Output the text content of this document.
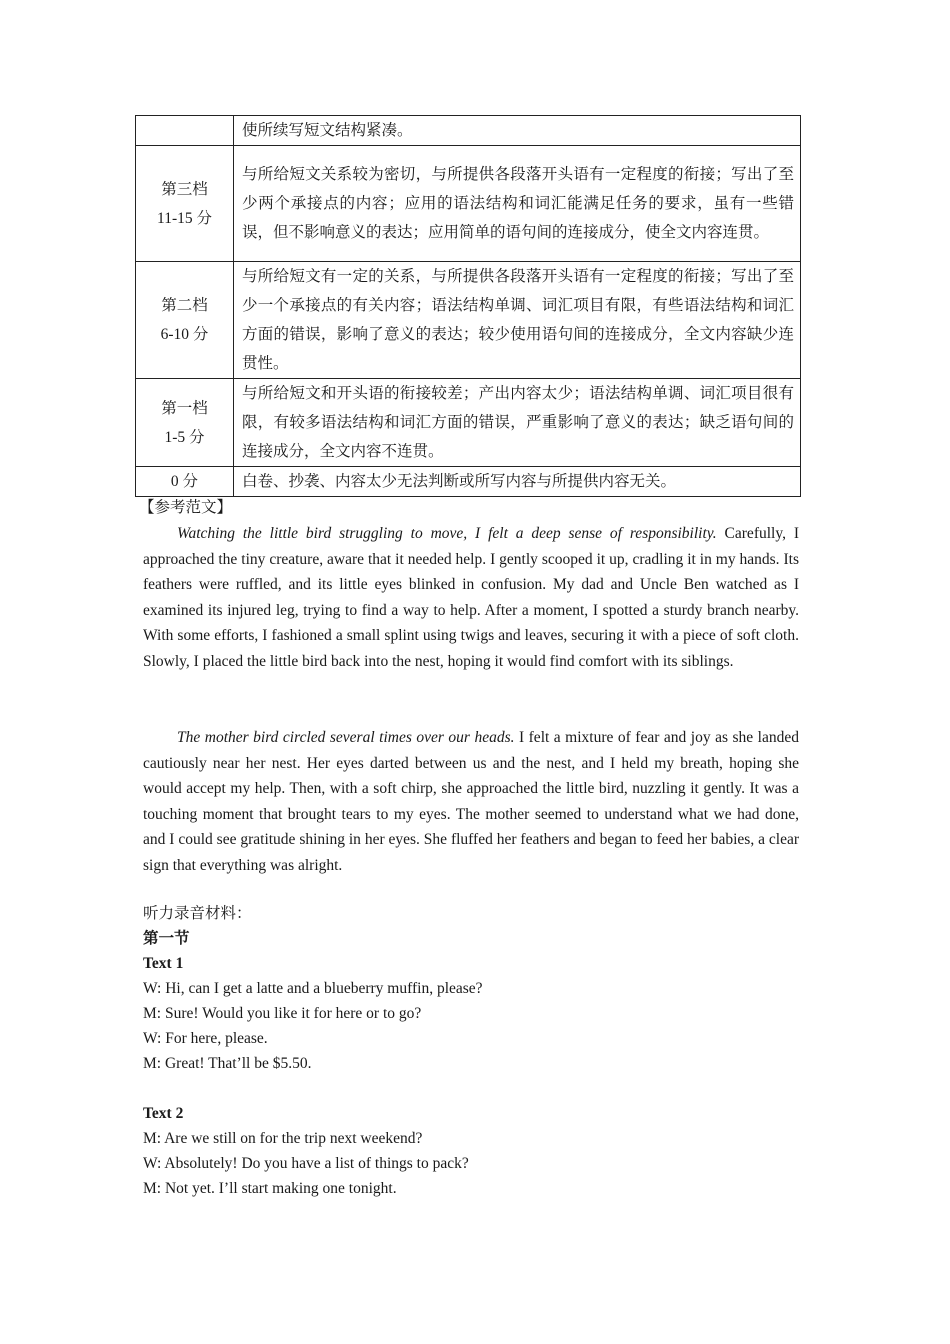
	使所续写短文结构紧凑。

第三档
11-15 分	与所给短文关系较为密切，与所提供各段落开头语有一定程度的衔接；写出了至少两个承接点的内容；应用的语法结构和词汇能满足任务的要求，虽有一些错误，但不影响意义的表达；应用简单的语句间的连接成分，使全文内容连贯。

第二档
6-10 分	与所给短文有一定的关系，与所提供各段落开头语有一定程度的衔接；写出了至少一个承接点的有关内容；语法结构单调、词汇项目有限，有些语法结构和词汇方面的错误，影响了意义的表达；较少使用语句间的连接成分，全文内容缺少连贯性。

第一档
1-5 分	与所给短文和开头语的衔接较差；产出内容太少；语法结构单调、词汇项目很有限，有较多语法结构和词汇方面的错误，严重影响了意义的表达；缺乏语句间的连接成分，全文内容不连贯。
0 分	白卷、抄袭、内容太少无法判断或所写内容与所提供内容无关。
【参考范文】

Watching the little bird struggling to move, I felt a deep sense of responsibility. Carefully, I approached the tiny creature, aware that it needed help. I gently scooped it up, cradling it in my hands. Its feathers were ruffled, and its little eyes blinked in confusion. My dad and Uncle Ben watched as I examined its injured leg, trying to find a way to help. After a moment, I spotted a sturdy branch nearby. With some efforts, I fashioned a small splint using twigs and leaves, securing it with a piece of soft cloth. Slowly, I placed the little bird back into the nest, hoping it would find comfort with its siblings.

The mother bird circled several times over our heads. I felt a mixture of fear and joy as she landed cautiously near her nest. Her eyes darted between us and the nest, and I held my breath, hoping she would accept my help. Then, with a soft chirp, she approached the little bird, nuzzling it gently. It was a touching moment that brought tears to my eyes. The mother seemed to understand what we had done, and I could see gratitude shining in her eyes. She fluffed her feathers and began to feed her babies, a clear sign that everything was alright.

听力录音材料：
第一节
Text 1
W: Hi, can I get a latte and a blueberry muffin, please?
M: Sure! Would you like it for here or to go?
W: For here, please.
M: Great! That’ll be $5.50.
Text 2
M: Are we still on for the trip next weekend?
W: Absolutely! Do you have a list of things to pack?
M: Not yet. I’ll start making one tonight.
